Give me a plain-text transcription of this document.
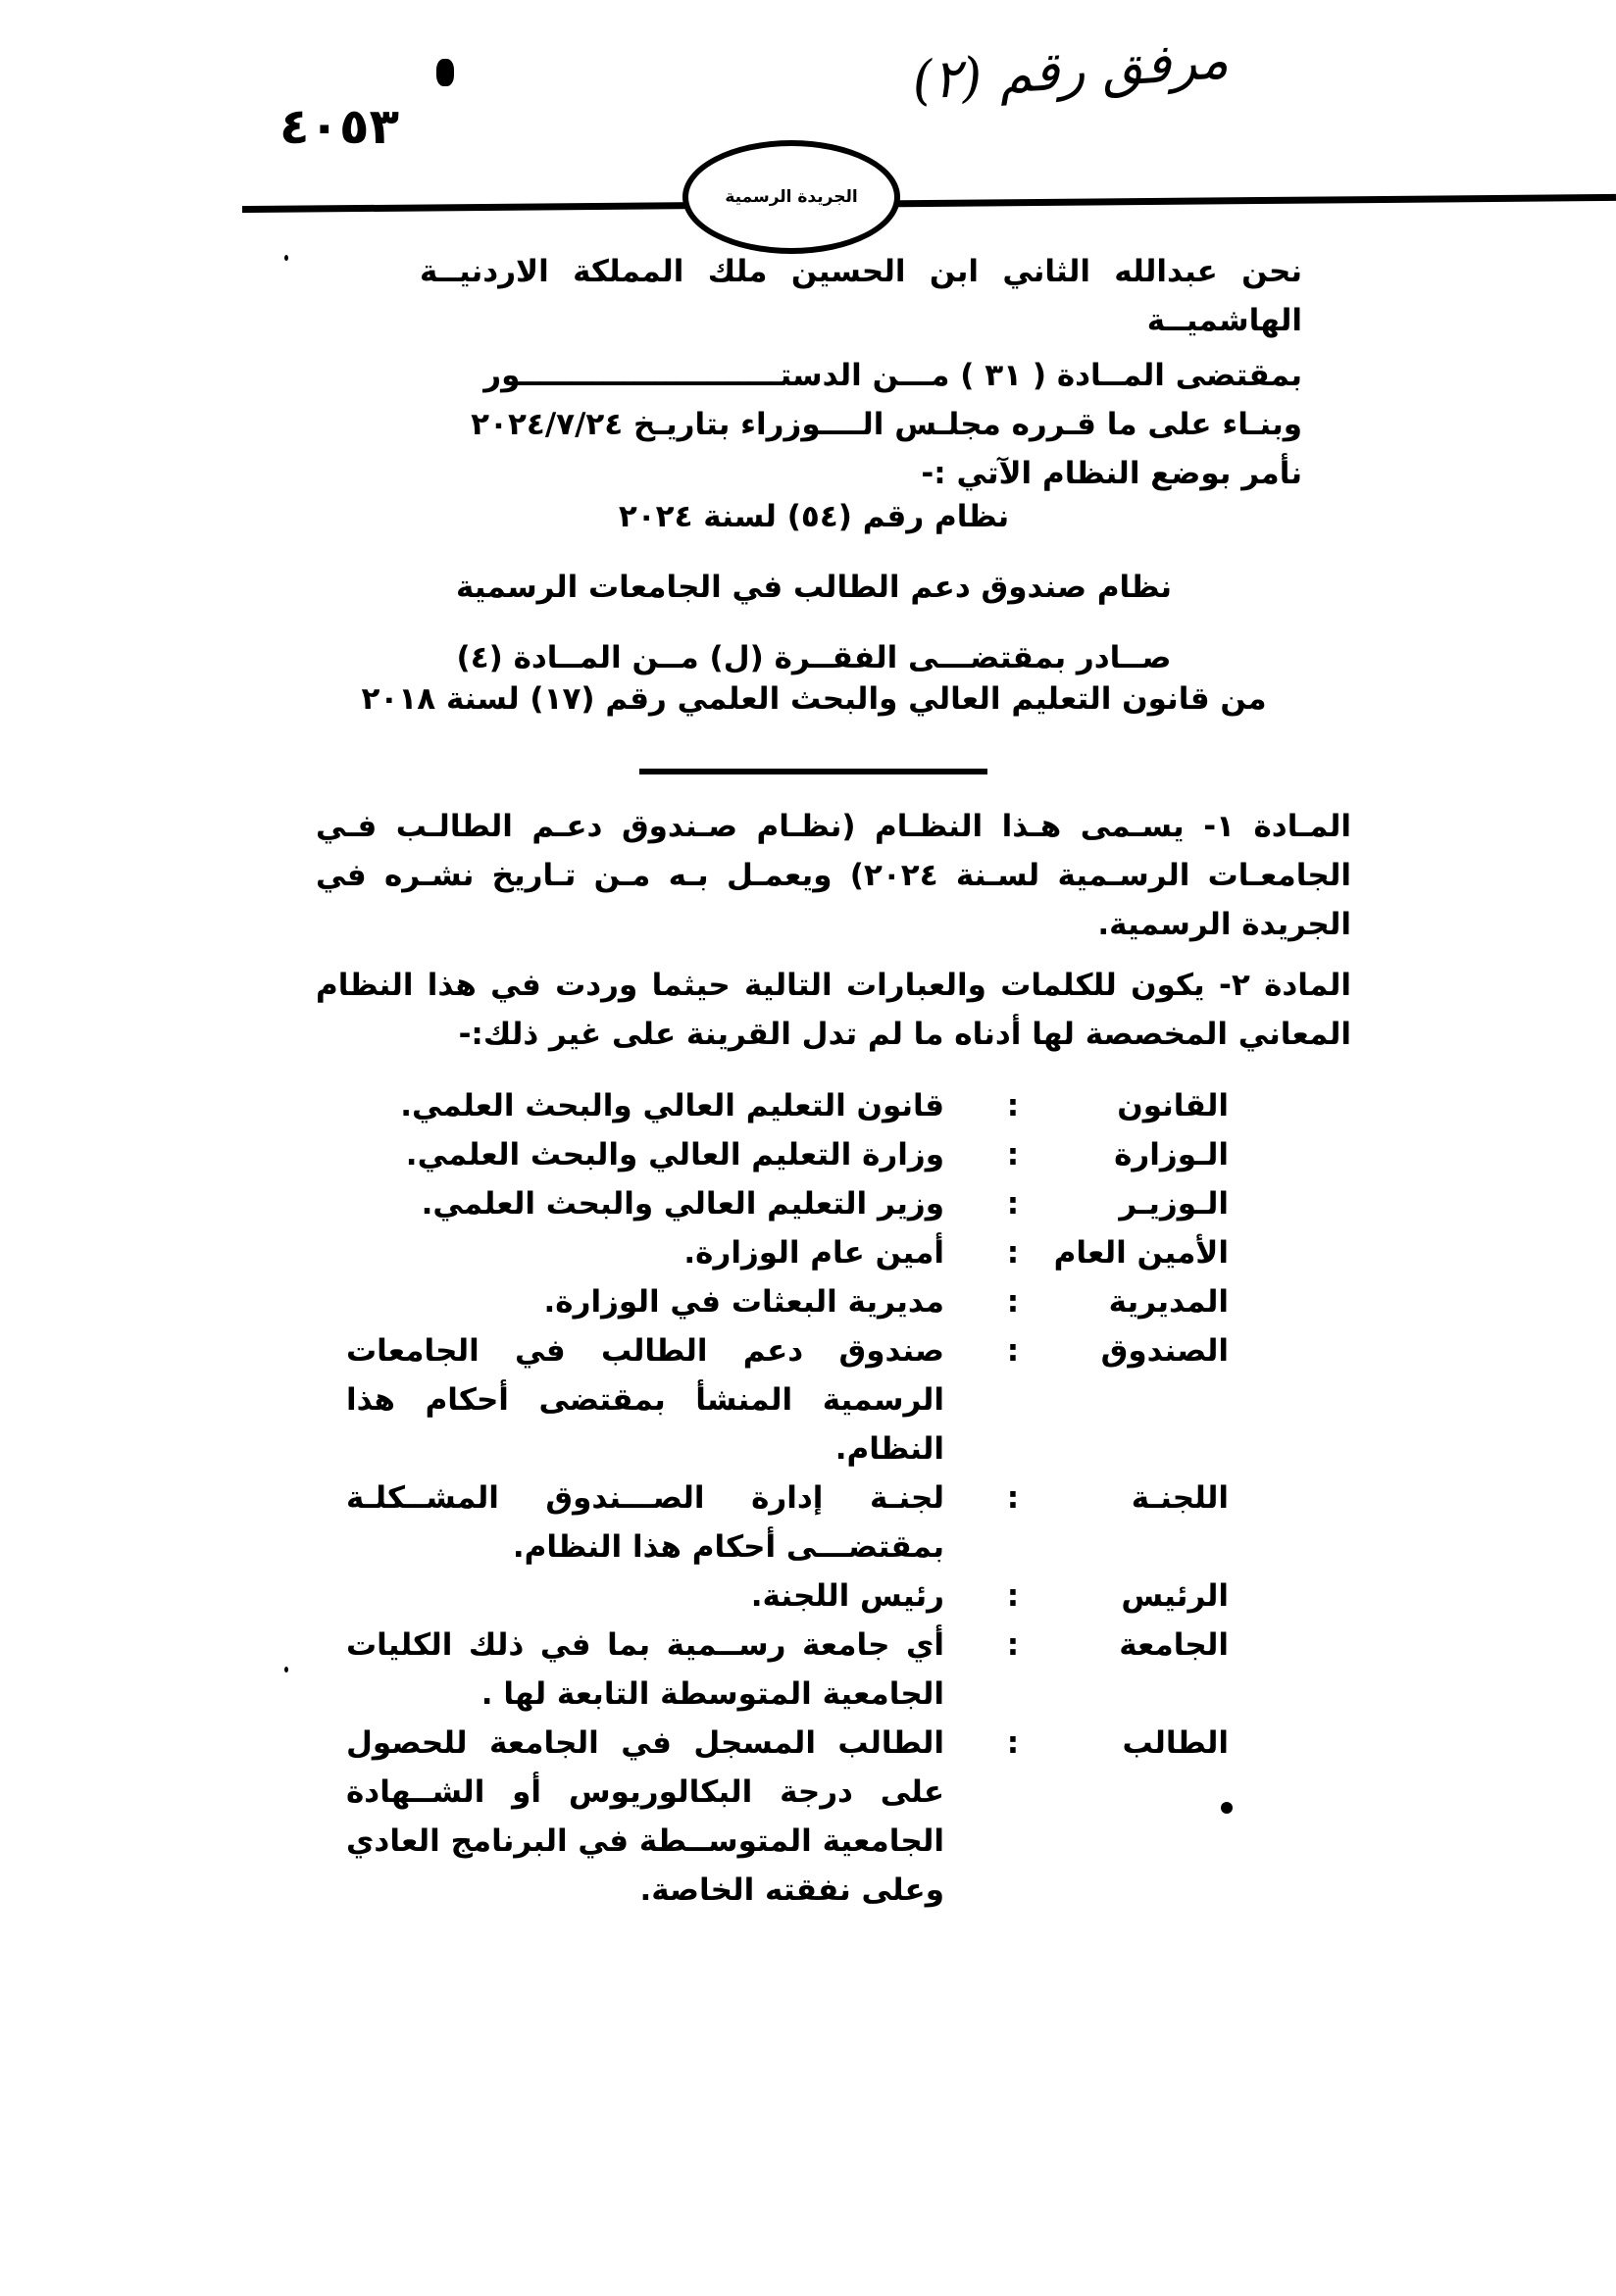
مرفق رقم (٢)
٤٠٥٣
الجريدة الرسمية
نحن عبدالله الثاني ابن الحسين ملك المملكة الاردنيــة الهاشميــة
بمقتضى المــادة ( ٣١ ) مـــن الدستـــــــــــــــــــــــــور
وبنـاء على ما قـرره مجلـس الــــوزراء بتاريـخ ٢٠٢٤/٧/٢٤
نأمر بوضع النظام الآتي :-
نظام رقم (٥٤) لسنة ٢٠٢٤
نظام صندوق دعم الطالب في الجامعات الرسمية
صــادر بمقتضـــى الفقــرة (ل) مــن المــادة (٤)
من قانون التعليم العالي والبحث العلمي رقم (١٧) لسنة ٢٠١٨
المـادة ١- يسـمى هـذا النظـام (نظـام صـندوق دعـم الطالـب فـي الجامعـات الرسـمية لسـنة ٢٠٢٤) ويعمـل بـه مـن تـاريخ نشـره في الجريدة الرسمية.
المادة ٢- يكون للكلمات والعبارات التالية حيثما وردت في هذا النظام المعاني المخصصة لها أدناه ما لم تدل القرينة على غير ذلك:-
القانون
:
قانون التعليم العالي والبحث العلمي.
الـوزارة
:
وزارة التعليم العالي والبحث العلمي.
الـوزيـر
:
وزير التعليم العالي والبحث العلمي.
الأمين العام
:
أمين عام الوزارة.
المديرية
:
مديرية البعثات في الوزارة.
الصندوق
:
صندوق دعم الطالب في الجامعات الرسمية المنشأ بمقتضى أحكام هذا النظام.
اللجنـة
:
لجنـة إدارة الصـــندوق المشــكلـة بمقتضـــى أحكام هذا النظام.
الرئيس
:
رئيس اللجنة.
الجامعة
:
أي جامعة رســمية بما في ذلك الكليات الجامعية المتوسطة التابعة لها .
الطالب
:
الطالب المسجل في الجامعة للحصول على درجة البكالوريوس أو الشــهادة الجامعية المتوســطة في البرنامج العادي وعلى نفقته الخاصة.
